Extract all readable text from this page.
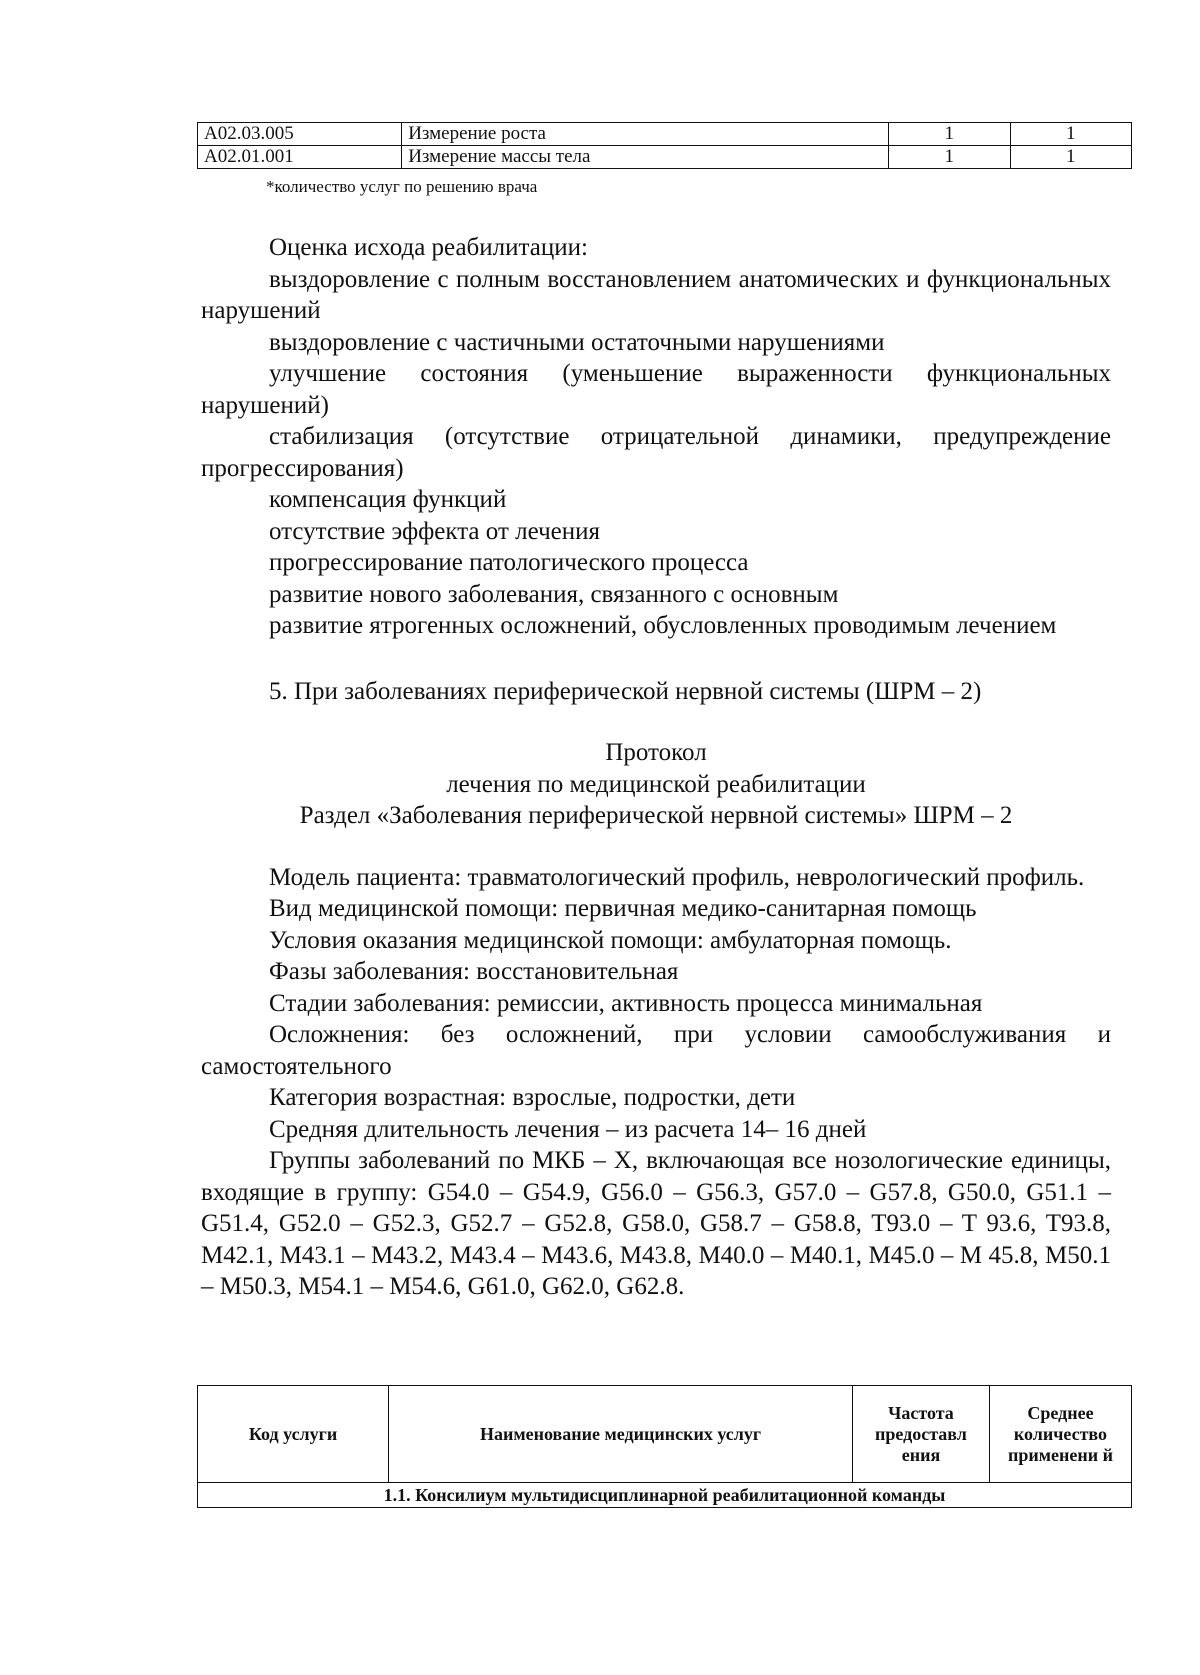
A02.03.005	Измерение роста	1	1
A02.01.001	Измерение массы тела	1	1
*количество услуг по решению врача

Оценка исхода реабилитации:

выздоровление с полным восстановлением анатомических и функциональных нарушений

выздоровление с частичными остаточными нарушениями

улучшение состояния (уменьшение выраженности функциональных нарушений)

стабилизация (отсутствие отрицательной динамики, предупреждение прогрессирования)

компенсация функций

отсутствие эффекта от лечения

прогрессирование патологического процесса

развитие нового заболевания, связанного с основным

развитие ятрогенных осложнений, обусловленных проводимым лечением

5. При заболеваниях периферической нервной системы (ШРМ – 2)

Протокол

лечения по медицинской реабилитации

Раздел «Заболевания периферической нервной системы» ШРМ – 2

Модель пациента: травматологический профиль, неврологический профиль.

Вид медицинской помощи: первичная медико-санитарная помощь

Условия оказания медицинской помощи: амбулаторная помощь.

Фазы заболевания: восстановительная

Стадии заболевания: ремиссии, активность процесса минимальная

Осложнения: без осложнений, при условии самообслуживания и самостоятельного

Категория возрастная: взрослые, подростки, дети

Средняя длительность лечения – из расчета 14– 16 дней

Группы заболеваний по МКБ – X, включающая все нозологические единицы, входящие в группу: G54.0 – G54.9, G56.0 – G56.3, G57.0 – G57.8, G50.0, G51.1 – G51.4, G52.0 – G52.3, G52.7 – G52.8, G58.0, G58.7 – G58.8, T93.0 – T 93.6, T93.8, M42.1, M43.1 – M43.2, M43.4 – M43.6, M43.8, M40.0 – M40.1, M45.0 – M 45.8, M50.1 – M50.3, M54.1 – M54.6, G61.0, G62.0, G62.8.

Код услуги	Наименование медицинских услуг	Частота предоставл ения	Среднее количество применени й
1.1. Консилиум мультидисциплинарной реабилитационной команды
